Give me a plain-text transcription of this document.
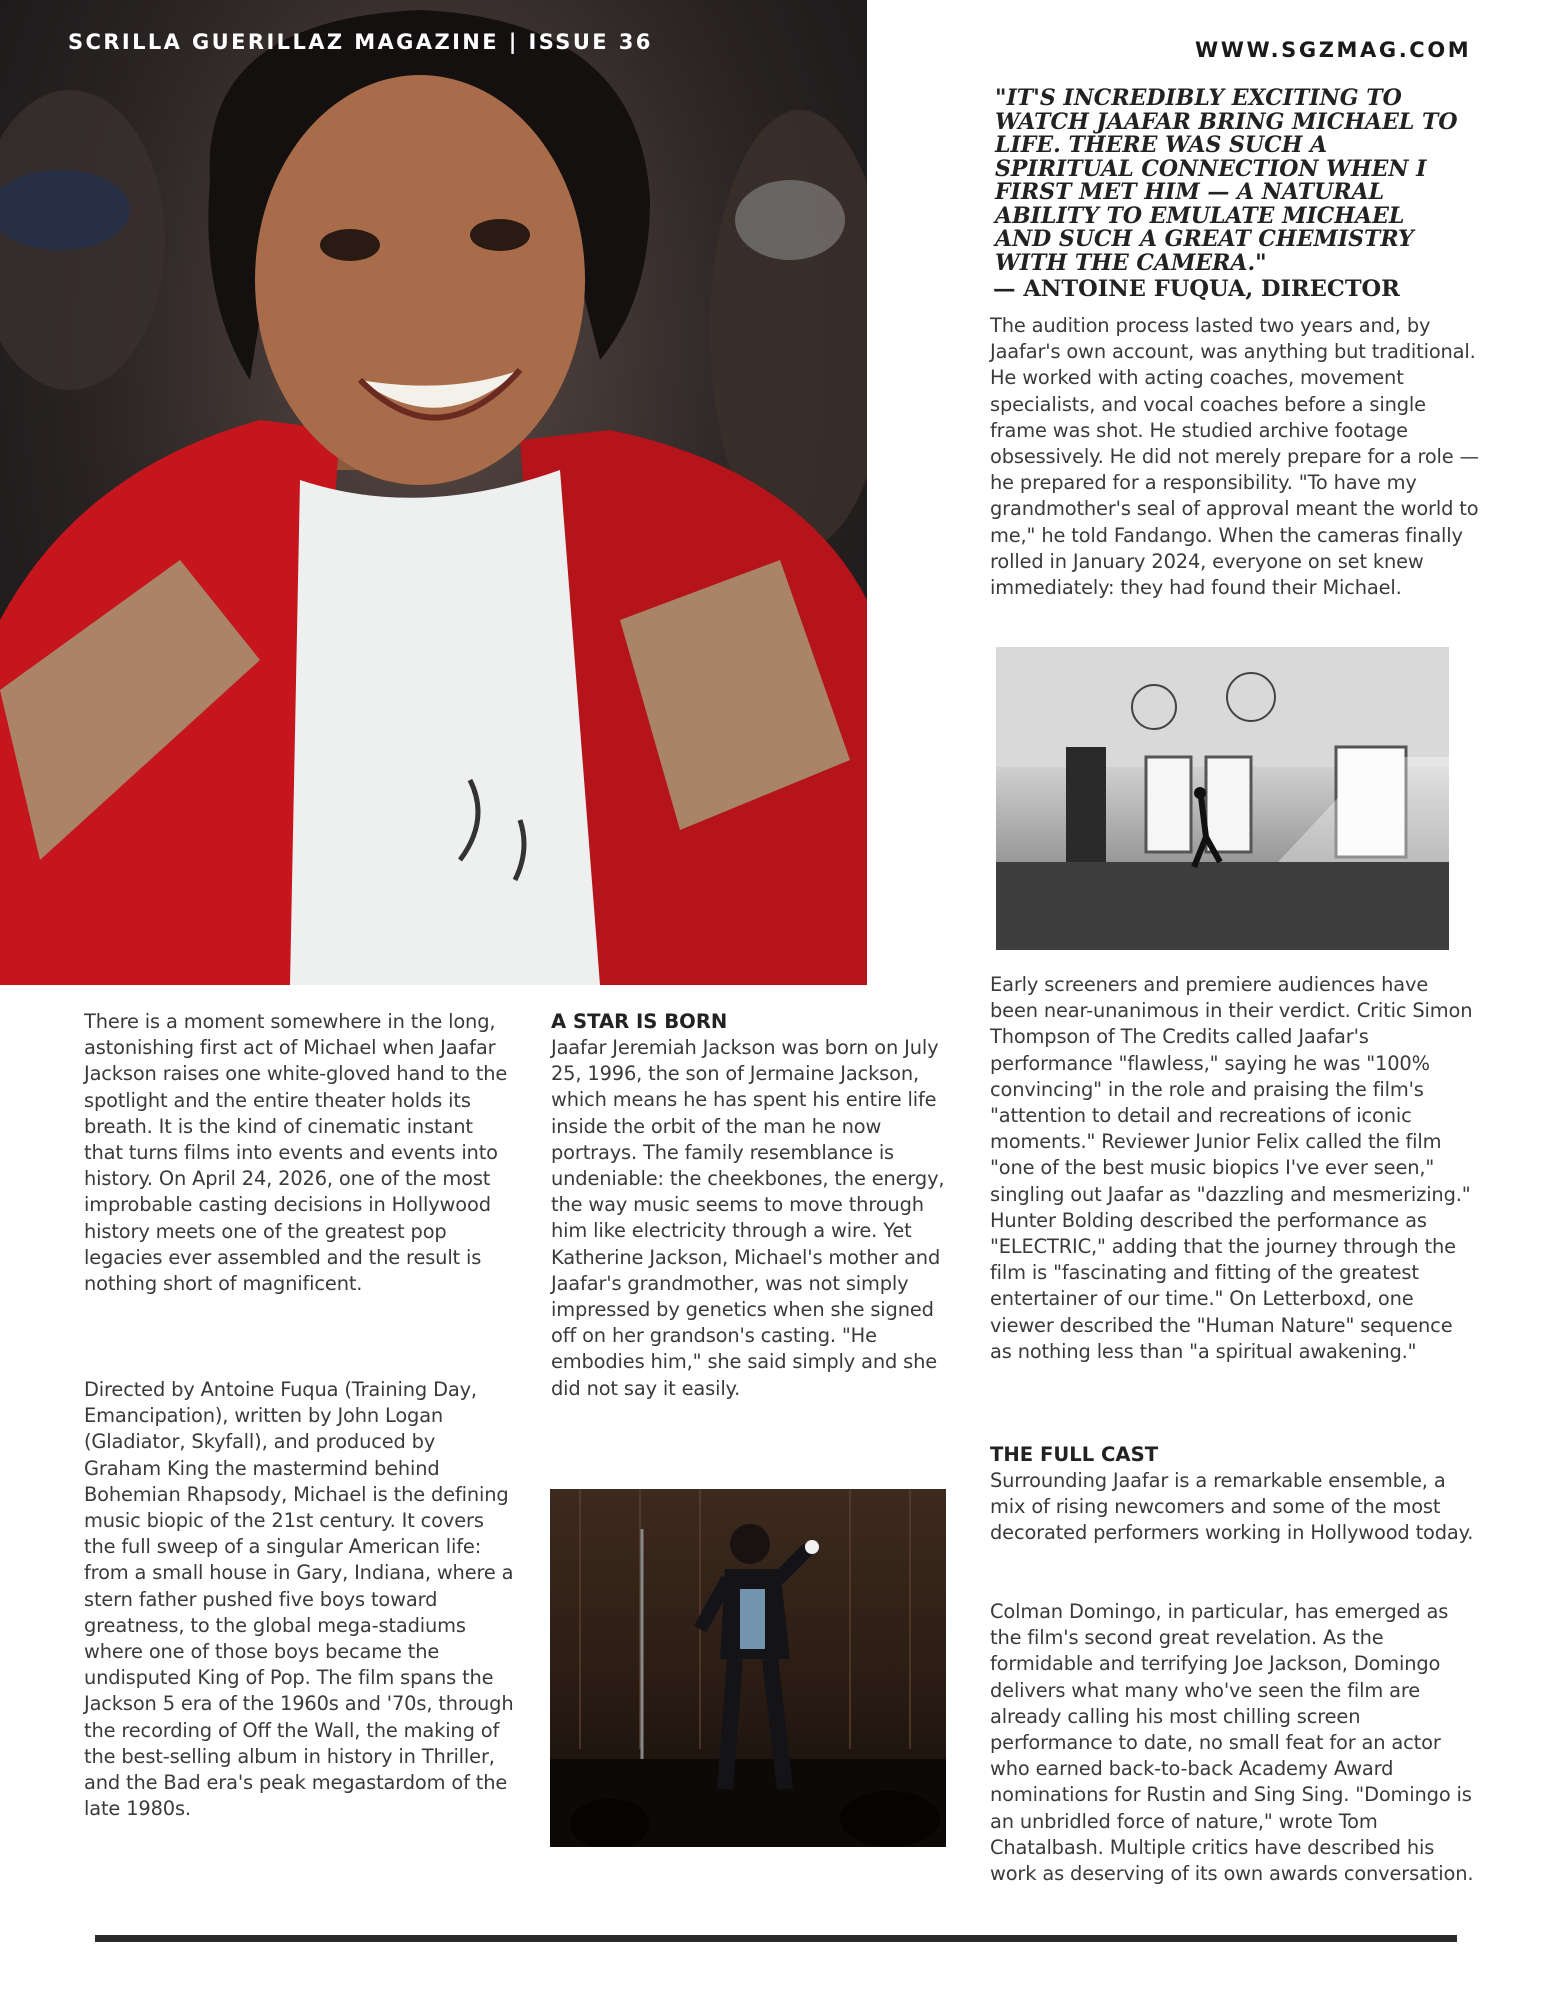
SCRILLA GUERILLAZ MAGAZINE | ISSUE 36	WWW.SGZMAG.COM
"IT'S INCREDIBLY EXCITING TO WATCH JAAFAR BRING MICHAEL TO LIFE. THERE WAS SUCH A SPIRITUAL CONNECTION WHEN I FIRST MET HIM — A NATURAL ABILITY TO EMULATE MICHAEL AND SUCH A GREAT CHEMISTRY WITH THE CAMERA."
— ANTOINE FUQUA, DIRECTOR
The audition process lasted two years and, by Jaafar's own account, was anything but traditional. He worked with acting coaches, movement specialists, and vocal coaches before a single frame was shot. He studied archive footage obsessively. He did not merely prepare for a role — he prepared for a responsibility. "To have my grandmother's seal of approval meant the world to me," he told Fandango. When the cameras finally rolled in January 2024, everyone on set knew immediately: they had found their Michael.
There is a moment somewhere in the long, astonishing first act of Michael when Jaafar Jackson raises one white-gloved hand to the spotlight and the entire theater holds its breath. It is the kind of cinematic instant that turns films into events and events into history. On April 24, 2026, one of the most improbable casting decisions in Hollywood history meets one of the greatest pop legacies ever assembled and the result is nothing short of magnificent.
Directed by Antoine Fuqua (Training Day, Emancipation), written by John Logan (Gladiator, Skyfall), and produced by Graham King the mastermind behind Bohemian Rhapsody, Michael is the defining music biopic of the 21st century. It covers the full sweep of a singular American life: from a small house in Gary, Indiana, where a stern father pushed five boys toward greatness, to the global mega-stadiums where one of those boys became the undisputed King of Pop. The film spans the Jackson 5 era of the 1960s and '70s, through the recording of Off the Wall, the making of the best-selling album in history in Thriller, and the Bad era's peak megastardom of the late 1980s.
A STAR IS BORN
Jaafar Jeremiah Jackson was born on July 25, 1996, the son of Jermaine Jackson, which means he has spent his entire life inside the orbit of the man he now portrays. The family resemblance is undeniable: the cheekbones, the energy, the way music seems to move through him like electricity through a wire. Yet Katherine Jackson, Michael's mother and Jaafar's grandmother, was not simply impressed by genetics when she signed off on her grandson's casting. "He embodies him," she said simply and she did not say it easily.
Early screeners and premiere audiences have been near-unanimous in their verdict. Critic Simon Thompson of The Credits called Jaafar's performance "flawless," saying he was "100% convincing" in the role and praising the film's "attention to detail and recreations of iconic moments." Reviewer Junior Felix called the film "one of the best music biopics I've ever seen," singling out Jaafar as "dazzling and mesmerizing." Hunter Bolding described the performance as "ELECTRIC," adding that the journey through the film is "fascinating and fitting of the greatest entertainer of our time." On Letterboxd, one viewer described the "Human Nature" sequence as nothing less than "a spiritual awakening."
THE FULL CAST
Surrounding Jaafar is a remarkable ensemble, a mix of rising newcomers and some of the most decorated performers working in Hollywood today.
Colman Domingo, in particular, has emerged as the film's second great revelation. As the formidable and terrifying Joe Jackson, Domingo delivers what many who've seen the film are already calling his most chilling screen performance to date, no small feat for an actor who earned back-to-back Academy Award nominations for Rustin and Sing Sing. "Domingo is an unbridled force of nature," wrote Tom Chatalbash. Multiple critics have described his work as deserving of its own awards conversation.
